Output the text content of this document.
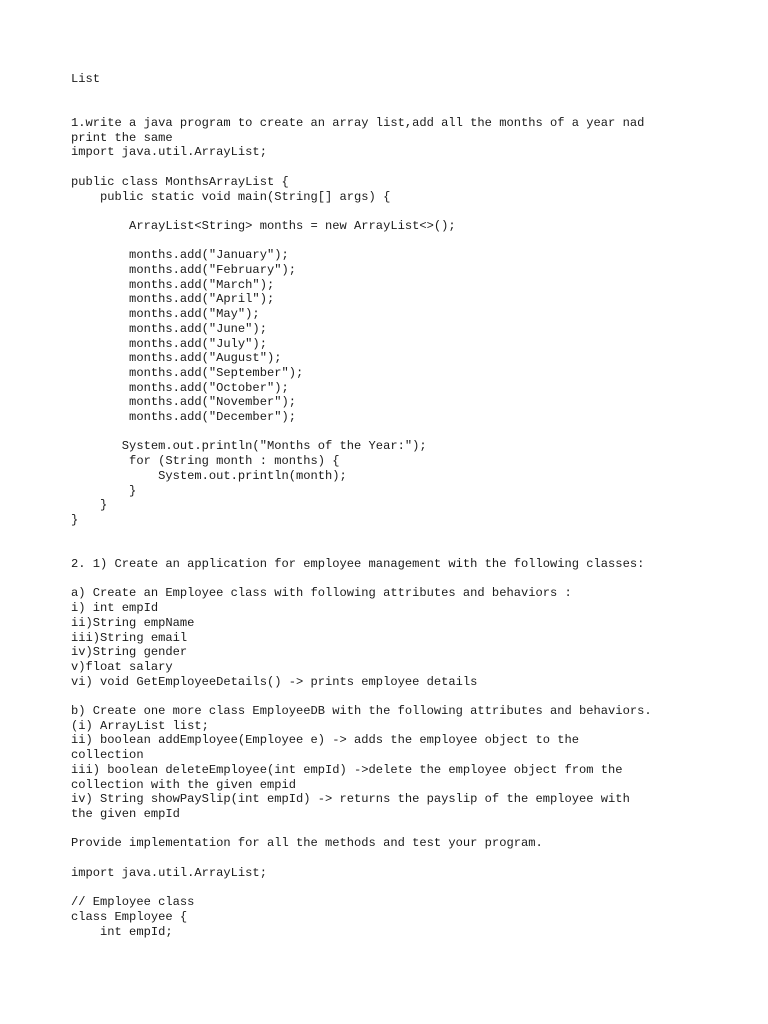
List
1.write a java program to create an array list,add all the months of a year nad
print the same
import java.util.ArrayList;
public class MonthsArrayList {
public static void main(String[] args) {
ArrayList<String> months = new ArrayList<>();
months.add("January");
months.add("February");
months.add("March");
months.add("April");
months.add("May");
months.add("June");
months.add("July");
months.add("August");
months.add("September");
months.add("October");
months.add("November");
months.add("December");
System.out.println("Months of the Year:");
for (String month : months) {
System.out.println(month);
}
}
}
2. 1) Create an application for employee management with the following classes:
a) Create an Employee class with following attributes and behaviors :
i) int empId
ii)String empName
iii)String email
iv)String gender
v)float salary
vi) void GetEmployeeDetails() -> prints employee details
b) Create one more class EmployeeDB with the following attributes and behaviors.
(i) ArrayList list;
ii) boolean addEmployee(Employee e) -> adds the employee object to the
collection
iii) boolean deleteEmployee(int empId) ->delete the employee object from the
collection with the given empid
iv) String showPaySlip(int empId) -> returns the payslip of the employee with
the given empId
Provide implementation for all the methods and test your program.
import java.util.ArrayList;
// Employee class
class Employee {
int empId;
